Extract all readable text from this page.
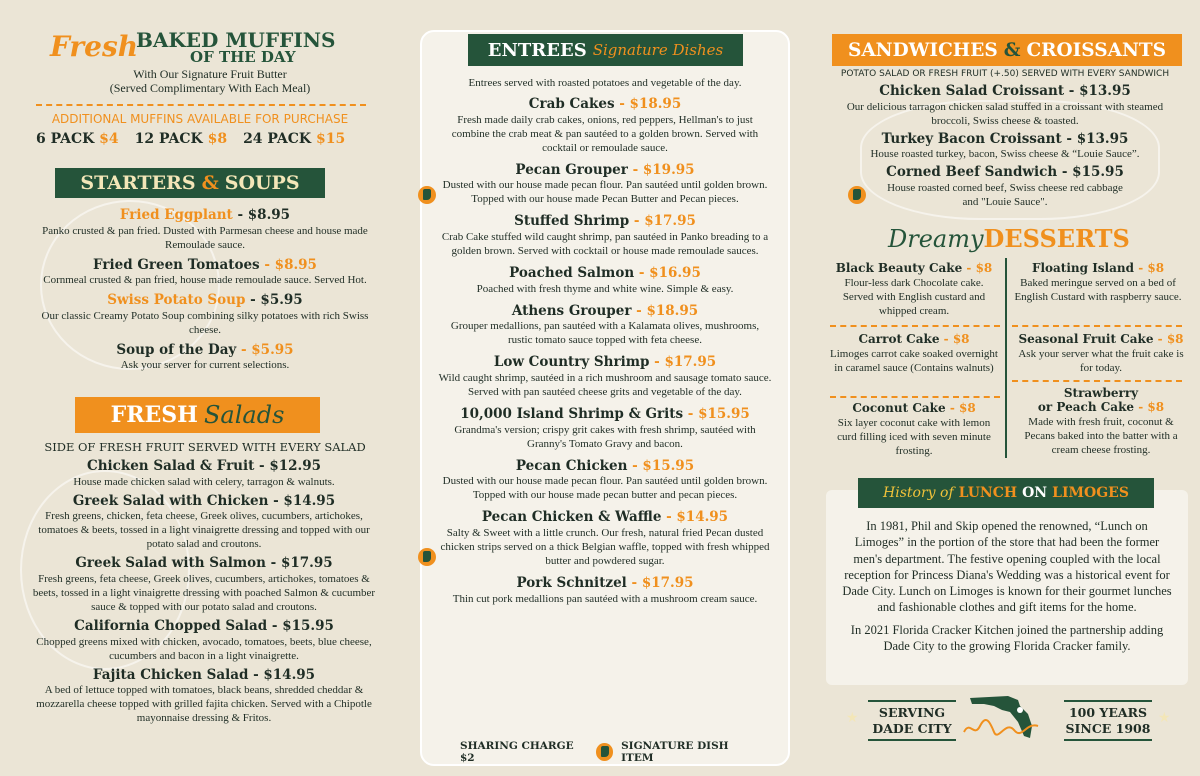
Fresh
BAKED MUFFINS
OF THE DAY
With Our Signature Fruit Butter
(Served Complimentary With Each Meal)
ADDITIONAL MUFFINS AVAILABLE FOR PURCHASE
6 PACK $4 12 PACK $8 24 PACK $15
STARTERS & SOUPS
Fried Eggplant - $8.95
Panko crusted & pan fried. Dusted with Parmesan cheese and house made Remoulade sauce.
Fried Green Tomatoes - $8.95
Cornmeal crusted & pan fried, house made remoulade sauce. Served Hot.
Swiss Potato Soup - $5.95
Our classic Creamy Potato Soup combining silky potatoes with rich Swiss cheese.
Soup of the Day - $5.95
Ask your server for current selections.
FRESH Salads
SIDE OF FRESH FRUIT SERVED WITH EVERY SALAD
Chicken Salad & Fruit - $12.95
House made chicken salad with celery, tarragon & walnuts.
Greek Salad with Chicken - $14.95
Fresh greens, chicken, feta cheese, Greek olives, cucumbers, artichokes, tomatoes & beets, tossed in a light vinaigrette dressing and topped with our potato salad and croutons.
Greek Salad with Salmon - $17.95
Fresh greens, feta cheese, Greek olives, cucumbers, artichokes, tomatoes & beets, tossed in a light vinaigrette dressing with poached Salmon & cucumber sauce & topped with our potato salad and croutons.
California Chopped Salad - $15.95
Chopped greens mixed with chicken, avocado, tomatoes, beets, blue cheese, cucumbers and bacon in a light vinaigrette.
Fajita Chicken Salad - $14.95
A bed of lettuce topped with tomatoes, black beans, shredded cheddar & mozzarella cheese topped with grilled fajita chicken. Served with a Chipotle mayonnaise dressing & Fritos.
ENTREES Signature Dishes
Entrees served with roasted potatoes and vegetable of the day.
Crab Cakes - $18.95
Fresh made daily crab cakes, onions, red peppers, Hellman's to just combine the crab meat & pan sautéed to a golden brown. Served with cocktail or remoulade sauce.
Pecan Grouper - $19.95
Dusted with our house made pecan flour. Pan sautéed until golden brown. Topped with our house made Pecan Butter and Pecan pieces.
Stuffed Shrimp - $17.95
Crab Cake stuffed wild caught shrimp, pan sautéed in Panko breading to a golden brown. Served with cocktail or house made remoulade sauces.
Poached Salmon - $16.95
Poached with fresh thyme and white wine. Simple & easy.
Athens Grouper - $18.95
Grouper medallions, pan sautéed with a Kalamata olives, mushrooms, rustic tomato sauce topped with feta cheese.
Low Country Shrimp - $17.95
Wild caught shrimp, sautéed in a rich mushroom and sausage tomato sauce. Served with pan sautéed cheese grits and vegetable of the day.
10,000 Island Shrimp & Grits - $15.95
Grandma's version; crispy grit cakes with fresh shrimp, sautéed with Granny's Tomato Gravy and bacon.
Pecan Chicken - $15.95
Dusted with our house made pecan flour. Pan sautéed until golden brown. Topped with our house made pecan butter and pecan pieces.
Pecan Chicken & Waffle - $14.95
Salty & Sweet with a little crunch. Our fresh, natural fried Pecan dusted chicken strips served on a thick Belgian waffle, topped with fresh whipped butter and powdered sugar.
Pork Schnitzel - $17.95
Thin cut pork medallions pan sautéed with a mushroom cream sauce.
SHARING CHARGE $2
SIGNATURE DISH ITEM
SANDWICHES & CROISSANTS
POTATO SALAD OR FRESH FRUIT (+.50) SERVED WITH EVERY SANDWICH
Chicken Salad Croissant - $13.95
Our delicious tarragon chicken salad stuffed in a croissant with steamed broccoli, Swiss cheese & toasted.
Turkey Bacon Croissant - $13.95
House roasted turkey, bacon, Swiss cheese & “Louie Sauce”.
Corned Beef Sandwich - $15.95
House roasted corned beef, Swiss cheese red cabbage and "Louie Sauce".
DreamyDESSERTS
Black Beauty Cake - $8
Flour-less dark Chocolate cake. Served with English custard and whipped cream.
Floating Island - $8
Baked meringue served on a bed of English Custard with raspberry sauce.
Carrot Cake - $8
Limoges carrot cake soaked overnight in caramel sauce (Contains walnuts)
Seasonal Fruit Cake - $8
Ask your server what the fruit cake is for today.
Coconut Cake - $8
Six layer coconut cake with lemon curd filling iced with seven minute frosting.
Strawberry
or Peach Cake - $8
Made with fresh fruit, coconut & Pecans baked into the batter with a cream cheese frosting.
History of LUNCH ON LIMOGES
In 1981, Phil and Skip opened the renowned, “Lunch on Limoges” in the portion of the store that had been the former men's department. The festive opening coupled with the local reception for Princess Diana's Wedding was a historical event for Dade City. Lunch on Limoges is known for their gourmet lunches and fashionable clothes and gift items for the home.
In 2021 Florida Cracker Kitchen joined the partnership adding Dade City to the growing Florida Cracker family.
★	SERVING
DADE CITY
100 YEARS
SINCE 1908
★
